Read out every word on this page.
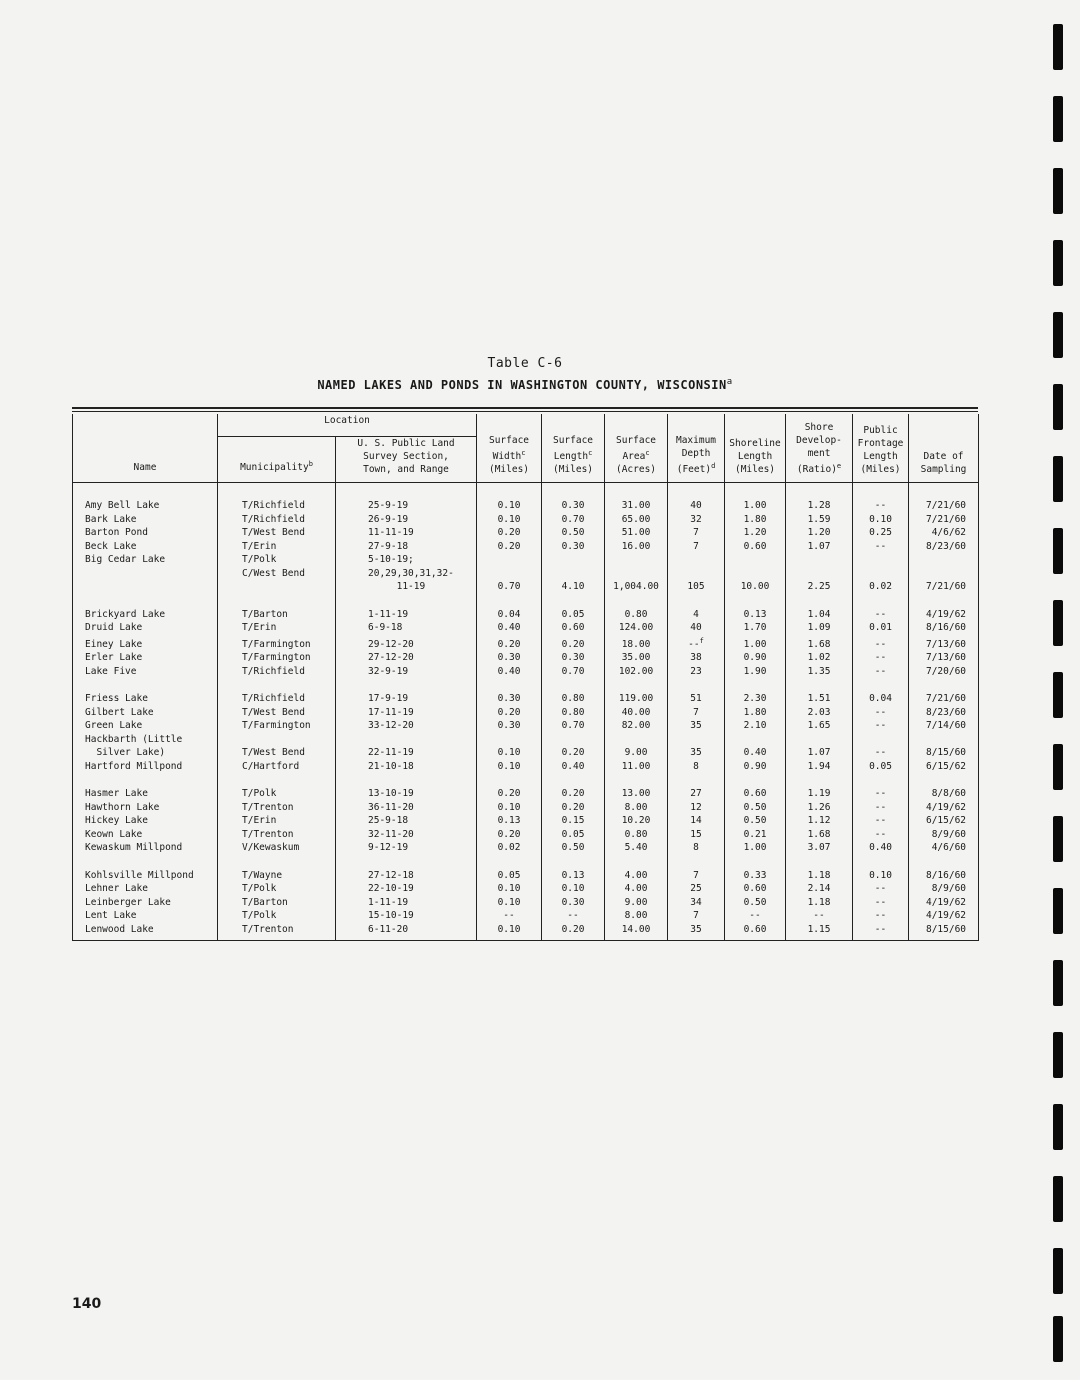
Table C-6
NAMED LAKES AND PONDS IN WASHINGTON COUNTY, WISCONSIN$^a$
Name	Location		Surface
Width$^c$
(Miles)	Surface
Length$^c$
(Miles)	Surface
Area$^c$
(Acres)	Maximum
Depth
(Feet)$^d$	Shoreline
Length
(Miles)	Shore
Develop-
ment
(Ratio)$^e$	Public
Frontage
Length
(Miles)	Date of
Sampling
	Municipality$^b$	U. S. Public Land
Survey Section,
Town, and Range								
Amy Bell Lake	T/Richfield	25-9-19	0.10	0.30	31.00	40	1.00	1.28	--	7/21/60
Bark Lake	T/Richfield	26-9-19	0.10	0.70	65.00	32	1.80	1.59	0.10	7/21/60
Barton Pond	T/West Bend	11-11-19	0.20	0.50	51.00	7	1.20	1.20	0.25	4/6/62
Beck Lake	T/Erin	27-9-18	0.20	0.30	16.00	7	0.60	1.07	--	8/23/60
Big Cedar Lake	T/Polk	5-10-19;								
	C/West Bend	20,29,30,31,32-								
		11-19	0.70	4.10	1,004.00	105	10.00	2.25	0.02	7/21/60
Brickyard Lake	T/Barton	1-11-19	0.04	0.05	0.80	4	0.13	1.04	--	4/19/62
Druid Lake	T/Erin	6-9-18	0.40	0.60	124.00	40	1.70	1.09	0.01	8/16/60
Einey Lake	T/Farmington	29-12-20	0.20	0.20	18.00	--$^f$	1.00	1.68	--	7/13/60
Erler Lake	T/Farmington	27-12-20	0.30	0.30	35.00	38	0.90	1.02	--	7/13/60
Lake Five	T/Richfield	32-9-19	0.40	0.70	102.00	23	1.90	1.35	--	7/20/60
Friess Lake	T/Richfield	17-9-19	0.30	0.80	119.00	51	2.30	1.51	0.04	7/21/60
Gilbert Lake	T/West Bend	17-11-19	0.20	0.80	40.00	7	1.80	2.03	--	8/23/60
Green Lake	T/Farmington	33-12-20	0.30	0.70	82.00	35	2.10	1.65	--	7/14/60
Hackbarth (Little										
Silver Lake)	T/West Bend	22-11-19	0.10	0.20	9.00	35	0.40	1.07	--	8/15/60
Hartford Millpond	C/Hartford	21-10-18	0.10	0.40	11.00	8	0.90	1.94	0.05	6/15/62
Hasmer Lake	T/Polk	13-10-19	0.20	0.20	13.00	27	0.60	1.19	--	8/8/60
Hawthorn Lake	T/Trenton	36-11-20	0.10	0.20	8.00	12	0.50	1.26	--	4/19/62
Hickey Lake	T/Erin	25-9-18	0.13	0.15	10.20	14	0.50	1.12	--	6/15/62
Keown Lake	T/Trenton	32-11-20	0.20	0.05	0.80	15	0.21	1.68	--	8/9/60
Kewaskum Millpond	V/Kewaskum	9-12-19	0.02	0.50	5.40	8	1.00	3.07	0.40	4/6/60
Kohlsville Millpond	T/Wayne	27-12-18	0.05	0.13	4.00	7	0.33	1.18	0.10	8/16/60
Lehner Lake	T/Polk	22-10-19	0.10	0.10	4.00	25	0.60	2.14	--	8/9/60
Leinberger Lake	T/Barton	1-11-19	0.10	0.30	9.00	34	0.50	1.18	--	4/19/62
Lent Lake	T/Polk	15-10-19	--	--	8.00	7	--	--	--	4/19/62
Lenwood Lake	T/Trenton	6-11-20	0.10	0.20	14.00	35	0.60	1.15	--	8/15/60
140
